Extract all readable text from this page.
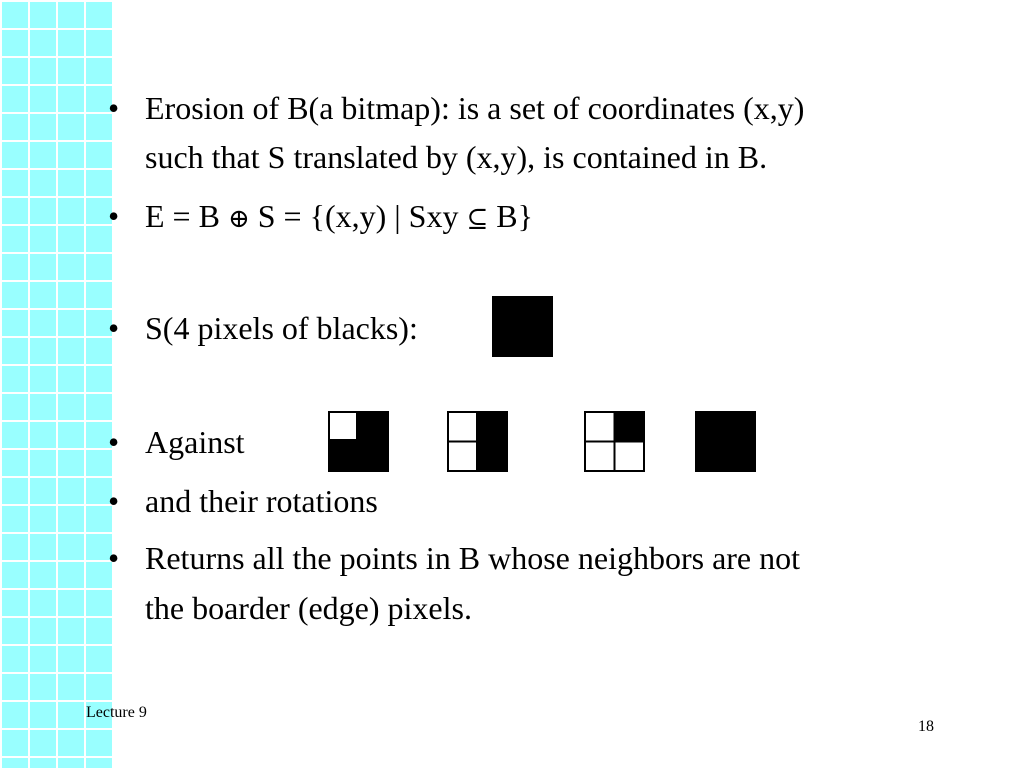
• Erosion of B(a bitmap): is a set of coordinates (x,y)
such that S translated by (x,y), is contained in B.
• E = B ⊕ S = {(x,y) | Sxy ⊆ B}
• S(4 pixels of blacks):
• Against
• and their rotations
• Returns all the points in B whose neighbors are not
the boarder (edge) pixels.
Lecture 9
18
